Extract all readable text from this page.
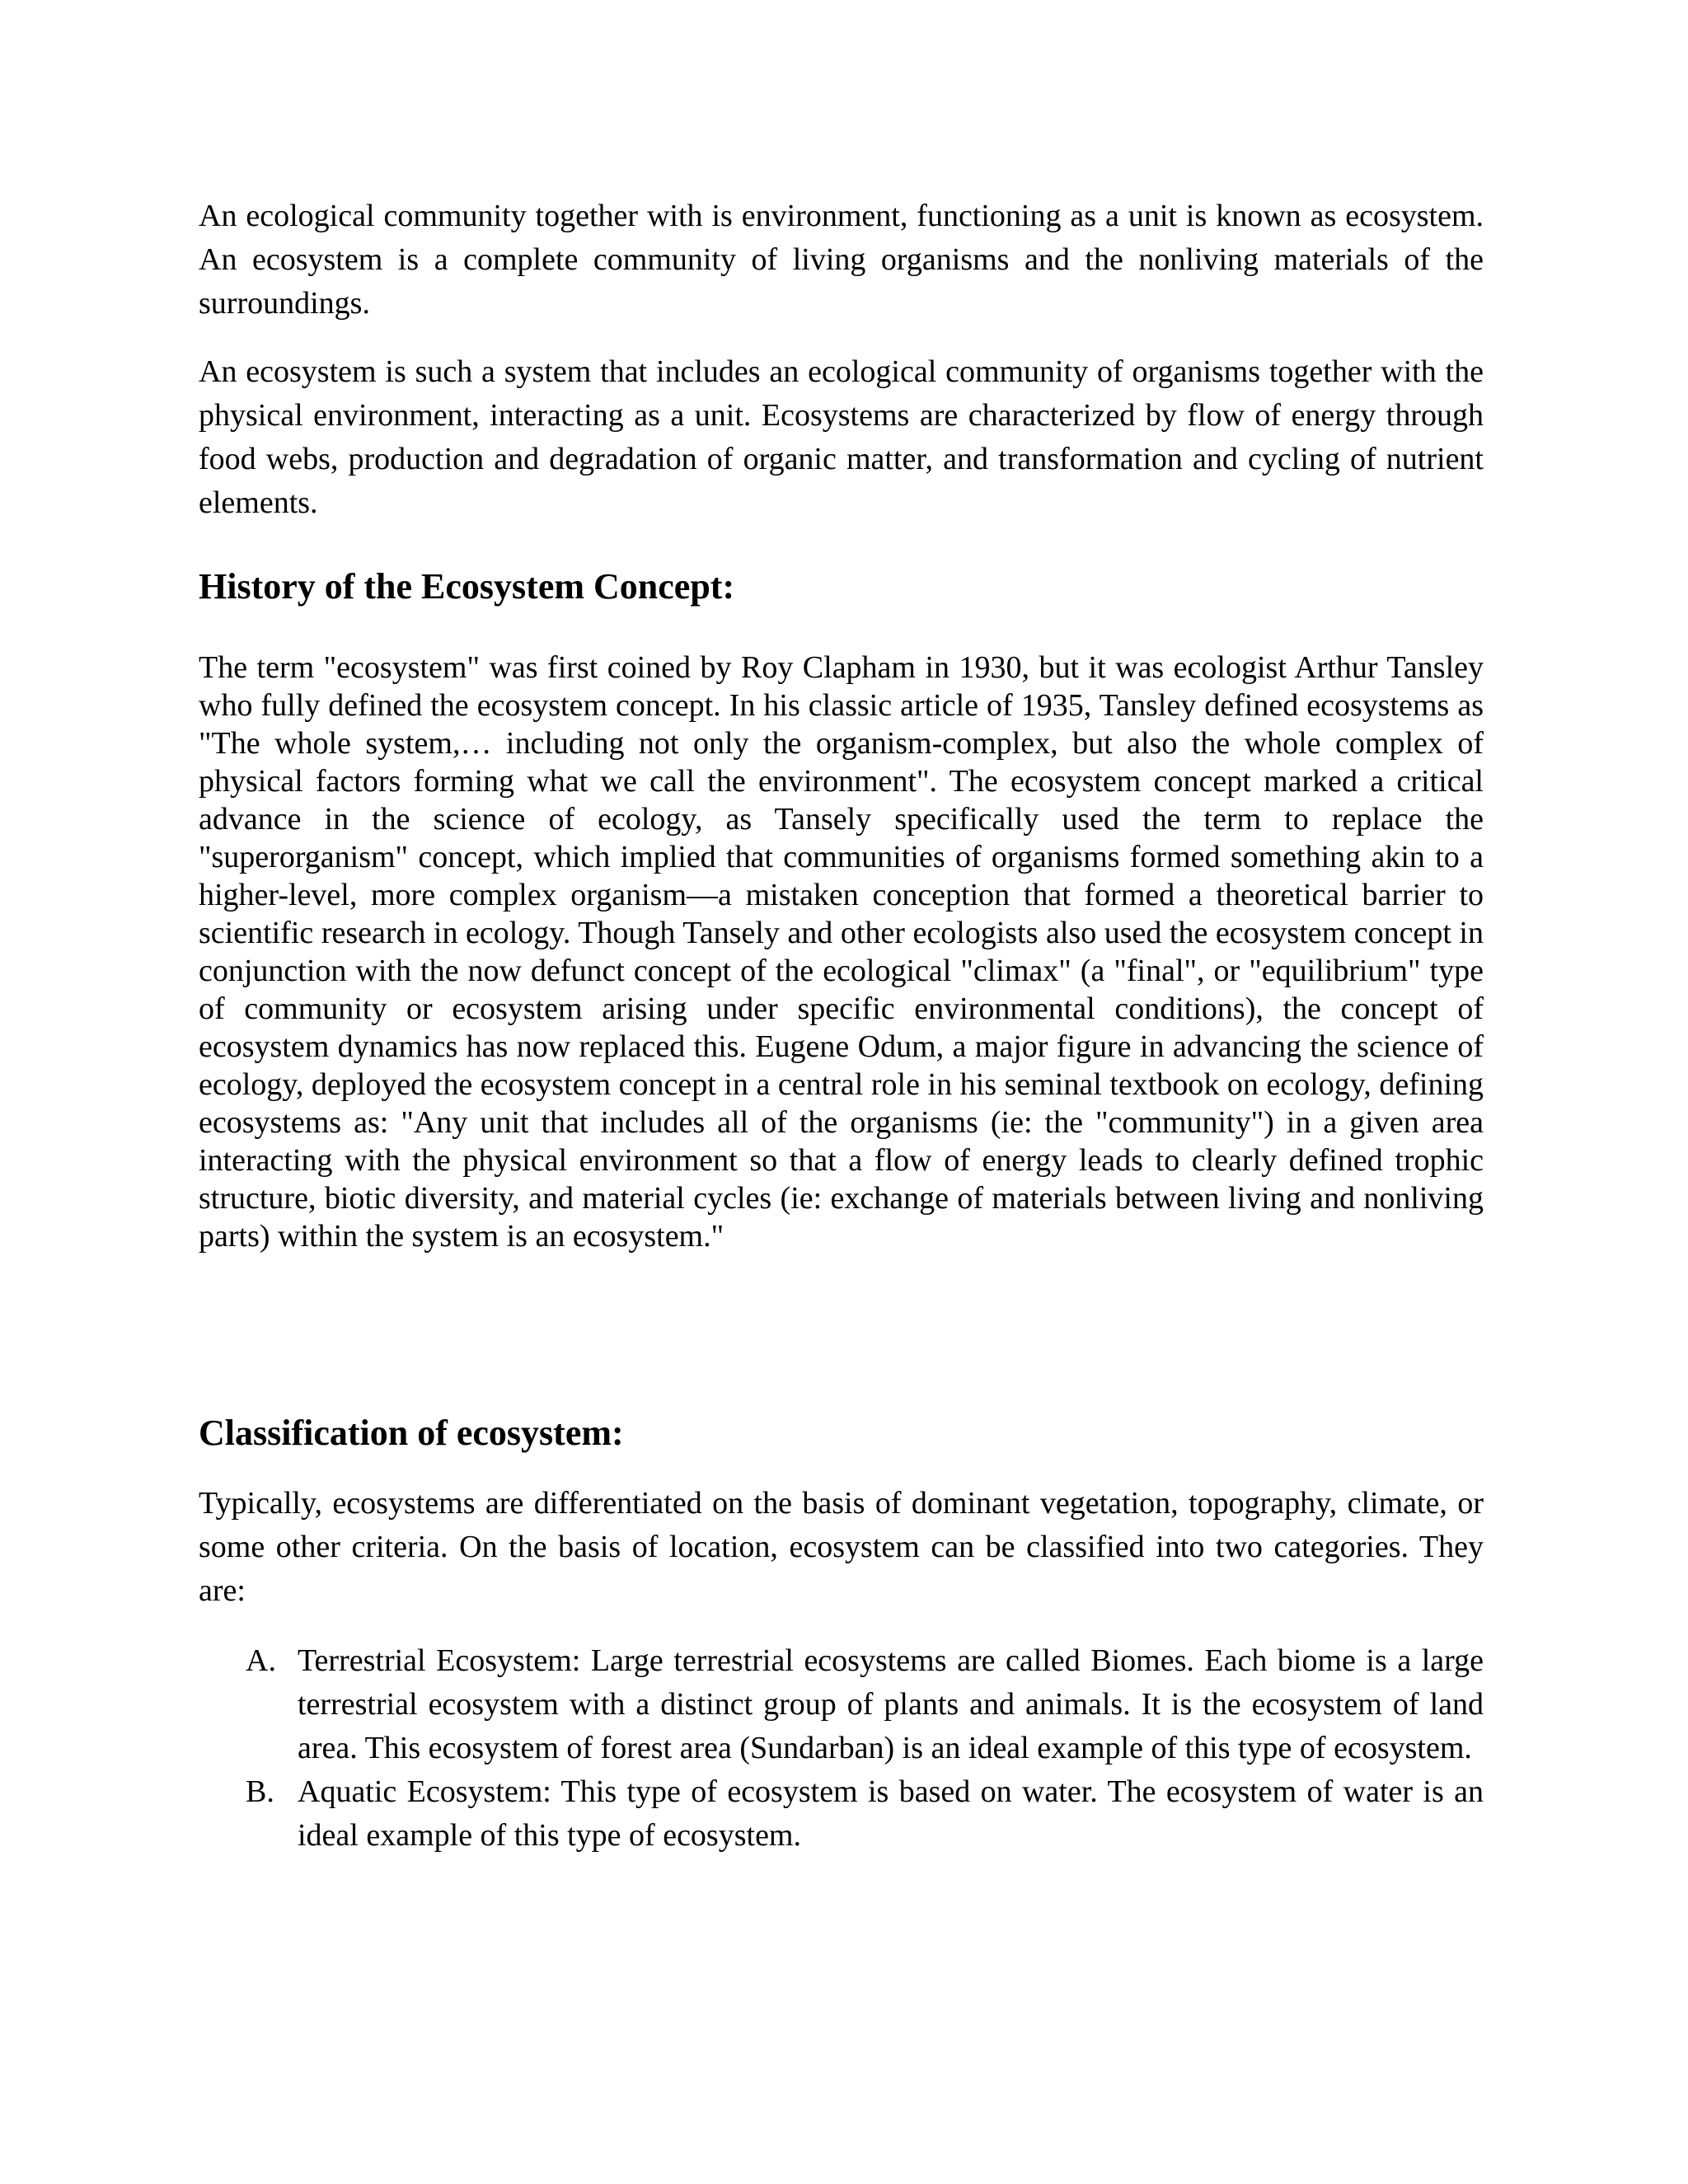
An ecological community together with is environment, functioning as a unit is known as ecosystem. An ecosystem is a complete community of living organisms and the nonliving materials of the surroundings.

An ecosystem is such a system that includes an ecological community of organisms together with the physical environment, interacting as a unit. Ecosystems are characterized by flow of energy through food webs, production and degradation of organic matter, and transformation and cycling of nutrient elements.

History of the Ecosystem Concept:

The term "ecosystem" was first coined by Roy Clapham in 1930, but it was ecologist Arthur Tansley who fully defined the ecosystem concept. In his classic article of 1935, Tansley defined ecosystems as "The whole system,… including not only the organism-complex, but also the whole complex of physical factors forming what we call the environment". The ecosystem concept marked a critical advance in the science of ecology, as Tansely specifically used the term to replace the "superorganism" concept, which implied that communities of organisms formed something akin to a higher-level, more complex organism—a mistaken conception that formed a theoretical barrier to scientific research in ecology. Though Tansely and other ecologists also used the ecosystem concept in conjunction with the now defunct concept of the ecological "climax" (a "final", or "equilibrium" type of community or ecosystem arising under specific environmental conditions), the concept of ecosystem dynamics has now replaced this. Eugene Odum, a major figure in advancing the science of ecology, deployed the ecosystem concept in a central role in his seminal textbook on ecology, defining ecosystems as: "Any unit that includes all of the organisms (ie: the "community") in a given area interacting with the physical environment so that a flow of energy leads to clearly defined trophic structure, biotic diversity, and material cycles (ie: exchange of materials between living and nonliving parts) within the system is an ecosystem."

Classification of ecosystem:

Typically, ecosystems are differentiated on the basis of dominant vegetation, topography, climate, or some other criteria. On the basis of location, ecosystem can be classified into two categories. They are:

A. Terrestrial Ecosystem: Large terrestrial ecosystems are called Biomes. Each biome is a large terrestrial ecosystem with a distinct group of plants and animals. It is the ecosystem of land area. This ecosystem of forest area (Sundarban) is an ideal example of this type of ecosystem.
B. Aquatic Ecosystem: This type of ecosystem is based on water. The ecosystem of water is an ideal example of this type of ecosystem.
